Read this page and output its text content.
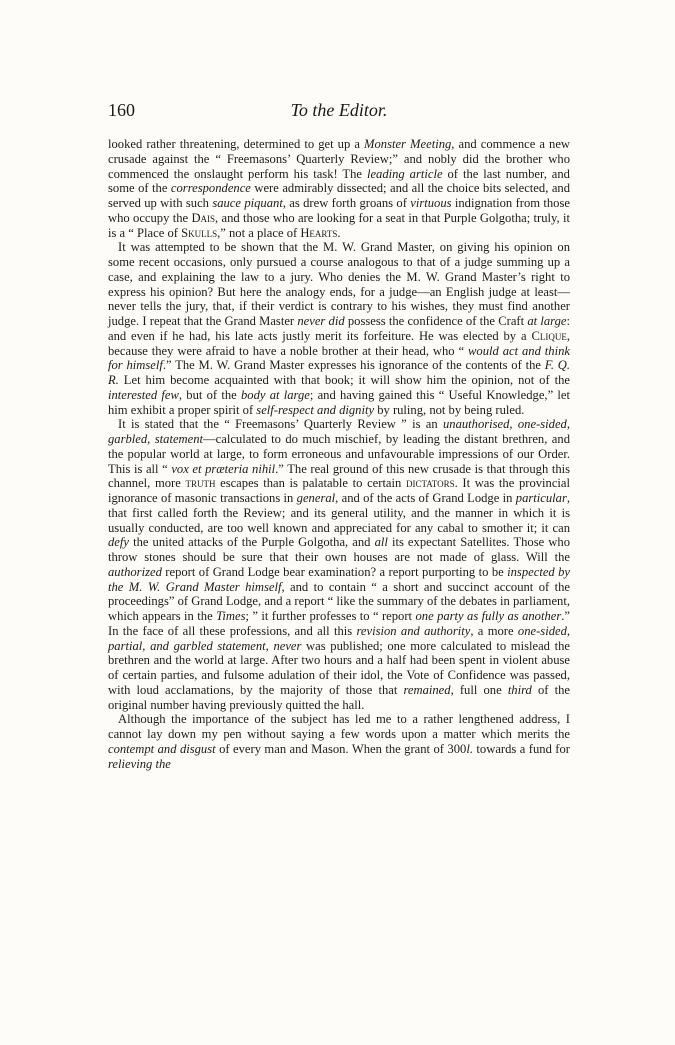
160	To the Editor.

looked rather threatening, determined to get up a Monster Meeting, and commence a new crusade against the “ Freemasons’ Quarterly Review;” and nobly did the brother who commenced the onslaught perform his task! The leading article of the last number, and some of the correspondence were admirably dissected; and all the choice bits selected, and served up with such sauce piquant, as drew forth groans of virtuous indignation from those who occupy the Dais, and those who are looking for a seat in that Purple Golgotha; truly, it is a “ Place of Skulls,” not a place of Hearts.

It was attempted to be shown that the M. W. Grand Master, on giving his opinion on some recent occasions, only pursued a course analogous to that of a judge summing up a case, and explaining the law to a jury. Who denies the M. W. Grand Master’s right to express his opinion? But here the analogy ends, for a judge—an English judge at least—never tells the jury, that, if their verdict is contrary to his wishes, they must find another judge. I repeat that the Grand Master never did possess the confidence of the Craft at large: and even if he had, his late acts justly merit its forfeiture. He was elected by a Clique, because they were afraid to have a noble brother at their head, who “ would act and think for himself.” The M. W. Grand Master expresses his ignorance of the contents of the F. Q. R. Let him become acquainted with that book; it will show him the opinion, not of the interested few, but of the body at large; and having gained this “ Useful Knowledge,” let him exhibit a proper spirit of self-respect and dignity by ruling, not by being ruled.

It is stated that the “ Freemasons’ Quarterly Review ” is an unauthorised, one-sided, garbled, statement—calculated to do much mischief, by leading the distant brethren, and the popular world at large, to form erroneous and unfavourable impressions of our Order. This is all “ vox et præteria nihil.” The real ground of this new crusade is that through this channel, more truth escapes than is palatable to certain dictators. It was the provincial ignorance of masonic transactions in general, and of the acts of Grand Lodge in particular, that first called forth the Review; and its general utility, and the manner in which it is usually conducted, are too well known and appreciated for any cabal to smother it; it can defy the united attacks of the Purple Golgotha, and all its expectant Satellites. Those who throw stones should be sure that their own houses are not made of glass. Will the authorized report of Grand Lodge bear examination? a report purporting to be inspected by the M. W. Grand Master himself, and to contain “ a short and succinct account of the proceedings” of Grand Lodge, and a report “ like the summary of the debates in parliament, which appears in the Times; ” it further professes to “ report one party as fully as another.” In the face of all these professions, and all this revision and authority, a more one-sided, partial, and garbled statement, never was published; one more calculated to mislead the brethren and the world at large. After two hours and a half had been spent in violent abuse of certain parties, and fulsome adulation of their idol, the Vote of Confidence was passed, with loud acclamations, by the majority of those that remained, full one third of the original number having previously quitted the hall.

Although the importance of the subject has led me to a rather lengthened address, I cannot lay down my pen without saying a few words upon a matter which merits the contempt and disgust of every man and Mason. When the grant of 300l. towards a fund for relieving the
